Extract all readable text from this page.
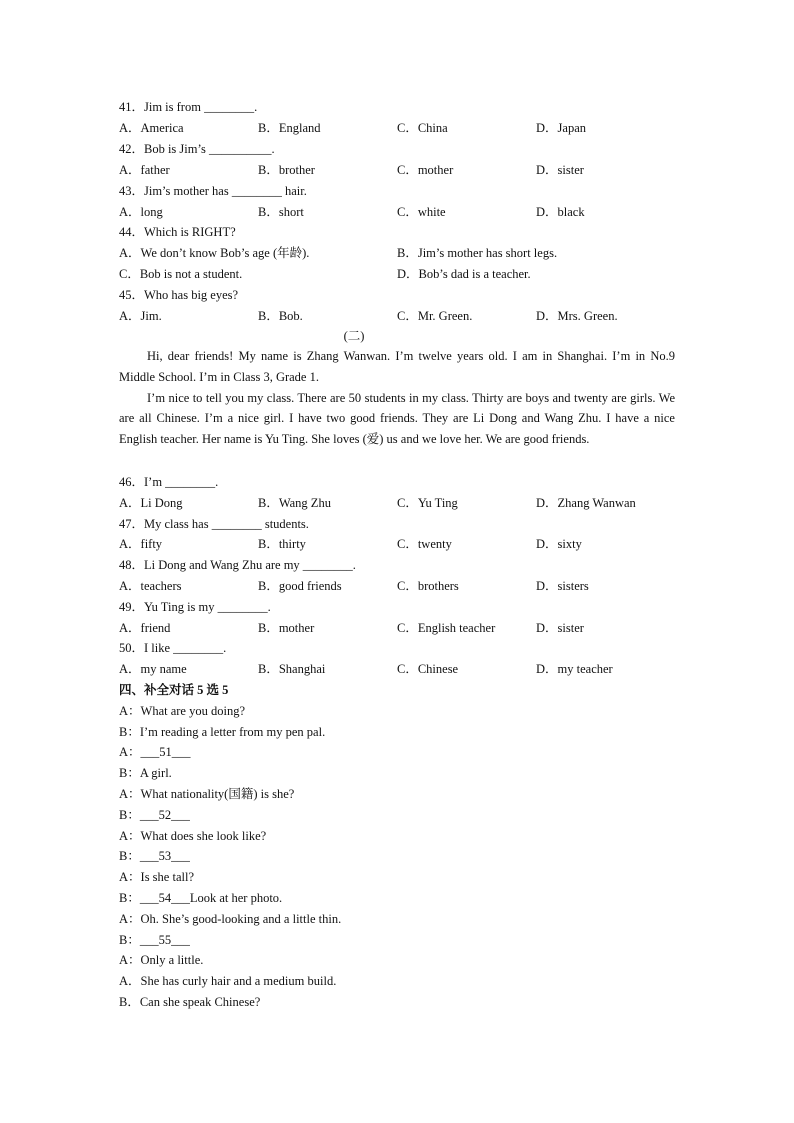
41．Jim is from ________.
A．America	B．England	C．China	D．Japan
42．Bob is Jim’s __________.
A．father	B．brother	C．mother	D．sister
43．Jim’s mother has ________ hair.
A．long	B．short	C．white	D．black
44．Which is RIGHT?
A．We don’t know Bob’s age (年龄).	B．Jim’s mother has short legs.
C．Bob is not a student.	D．Bob’s dad is a teacher.
45．Who has big eyes?
A．Jim.	B．Bob.	C．Mr. Green.	D．Mrs. Green.
(二)
Hi, dear friends! My name is Zhang Wanwan. I’m twelve years old. I am in Shanghai. I’m in No.9 Middle School. I’m in Class 3, Grade 1.
I’m nice to tell you my class. There are 50 students in my class. Thirty are boys and twenty are girls. We are all Chinese. I’m a nice girl. I have two good friends. They are Li Dong and Wang Zhu. I have a nice English teacher. Her name is Yu Ting. She loves (爱) us and we love her. We are good friends.
46．I’m ________.
A．Li Dong	B．Wang Zhu	C．Yu Ting	D．Zhang Wanwan
47．My class has ________ students.
A．fifty	B．thirty	C．twenty	D．sixty
48．Li Dong and Wang Zhu are my ________.
A．teachers	B．good friends	C．brothers	D．sisters
49．Yu Ting is my ________.
A．friend	B．mother	C．English teacher	D．sister
50．I like ________.
A．my name	B．Shanghai	C．Chinese	D．my teacher
四、补全对话 5 选 5
A：What are you doing?
B：I’m reading a letter from my pen pal.
A：___51___
B：A girl.
A：What nationality(国籍) is she?
B：___52___
A：What does she look like?
B：___53___
A：Is she tall?
B：___54___Look at her photo.
A：Oh. She’s good-looking and a little thin.
B：___55___
A：Only a little.
A．She has curly hair and a medium build.
B．Can she speak Chinese?
